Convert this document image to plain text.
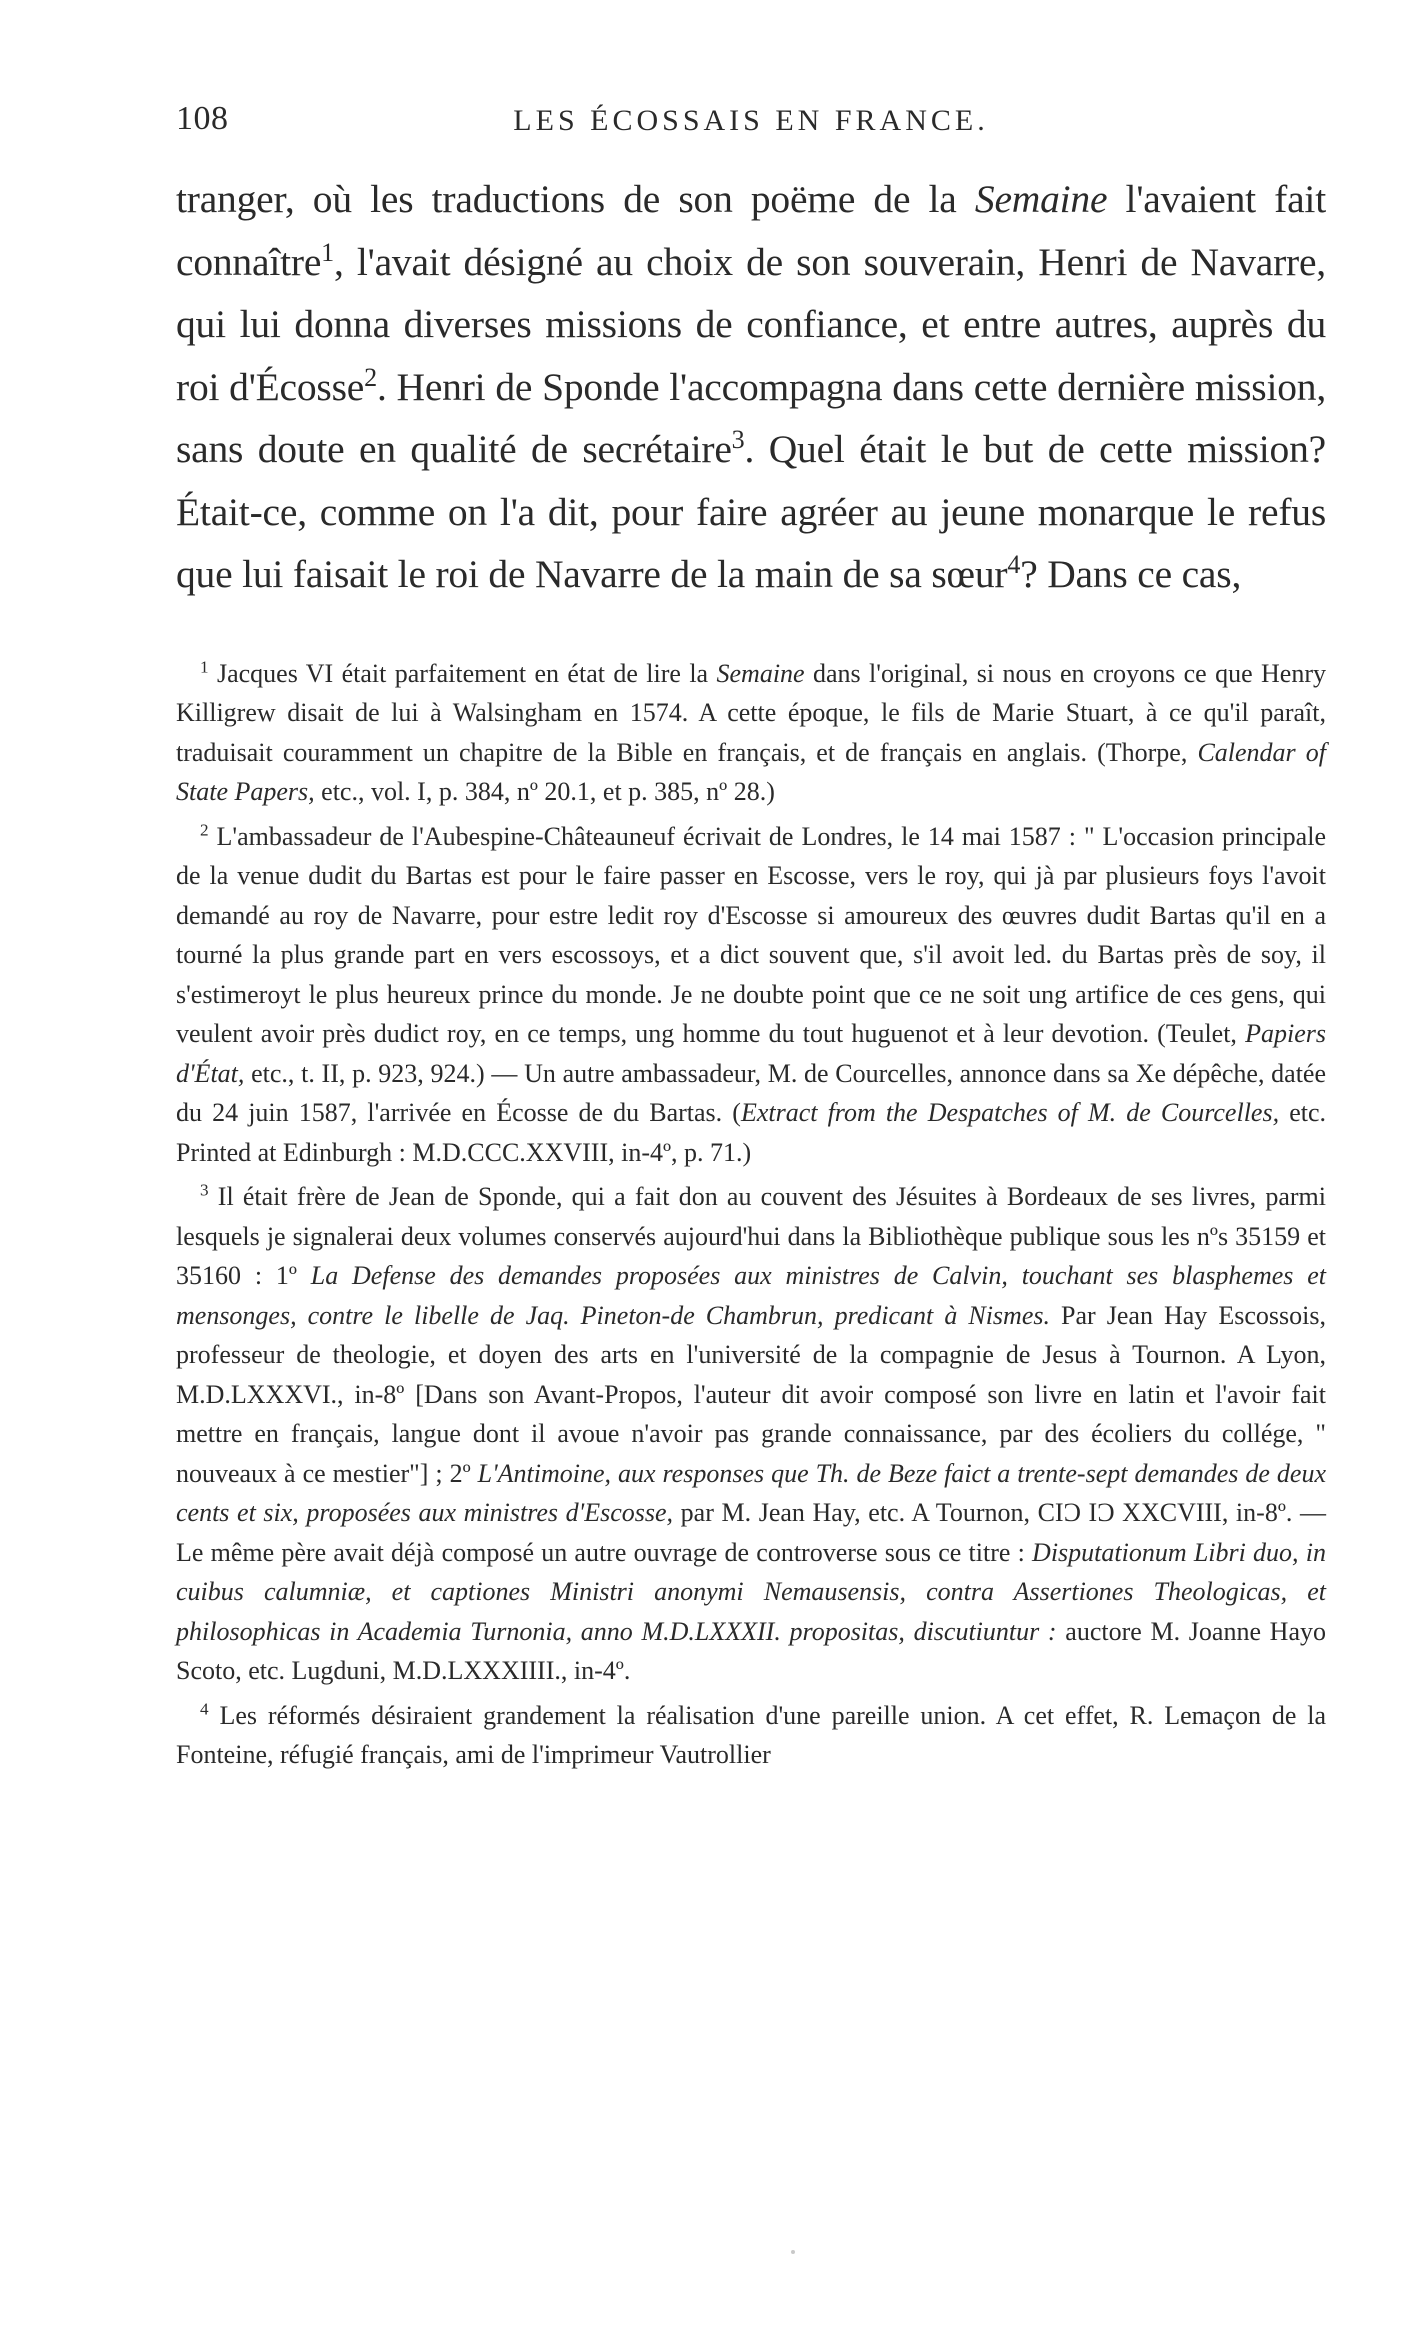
108	LES ÉCOSSAIS EN FRANCE.

tranger, où les traductions de son poëme de la Semaine l'avaient fait connaître$^1$, l'avait désigné au choix de son souverain, Henri de Navarre, qui lui donna diverses missions de confiance, et entre autres, auprès du roi d'Écosse$^2$. Henri de Sponde l'accompagna dans cette dernière mission, sans doute en qualité de secrétaire$^3$. Quel était le but de cette mission? Était-ce, comme on l'a dit, pour faire agréer au jeune monarque le refus que lui faisait le roi de Navarre de la main de sa sœur$^4$? Dans ce cas,

$^1$ Jacques VI était parfaitement en état de lire la Semaine dans l'original, si nous en croyons ce que Henry Killigrew disait de lui à Walsingham en 1574. A cette époque, le fils de Marie Stuart, à ce qu'il paraît, traduisait couramment un chapitre de la Bible en français, et de français en anglais. (Thorpe, Calendar of State Papers, etc., vol. I, p. 384, nº 20.1, et p. 385, nº 28.)

$^2$ L'ambassadeur de l'Aubespine-Châteauneuf écrivait de Londres, le 14 mai 1587 : " L'occasion principale de la venue dudit du Bartas est pour le faire passer en Escosse, vers le roy, qui jà par plusieurs foys l'avoit demandé au roy de Navarre, pour estre ledit roy d'Escosse si amoureux des œuvres dudit Bartas qu'il en a tourné la plus grande part en vers escossoys, et a dict souvent que, s'il avoit led. du Bartas près de soy, il s'estimeroyt le plus heureux prince du monde. Je ne doubte point que ce ne soit ung artifice de ces gens, qui veulent avoir près dudict roy, en ce temps, ung homme du tout huguenot et à leur devotion. (Teulet, Papiers d'État, etc., t. II, p. 923, 924.) — Un autre ambassadeur, M. de Courcelles, annonce dans sa Xe dépêche, datée du 24 juin 1587, l'arrivée en Écosse de du Bartas. (Extract from the Despatches of M. de Courcelles, etc. Printed at Edinburgh : M.D.CCC.XXVIII, in-4º, p. 71.)

$^3$ Il était frère de Jean de Sponde, qui a fait don au couvent des Jésuites à Bordeaux de ses livres, parmi lesquels je signalerai deux volumes conservés aujourd'hui dans la Bibliothèque publique sous les nºs 35159 et 35160 : 1º La Defense des demandes proposées aux ministres de Calvin, touchant ses blasphemes et mensonges, contre le libelle de Jaq. Pineton-de Chambrun, predicant à Nismes. Par Jean Hay Escossois, professeur de theologie, et doyen des arts en l'université de la compagnie de Jesus à Tournon. A Lyon, M.D.LXXXVI., in-8º [Dans son Avant-Propos, l'auteur dit avoir composé son livre en latin et l'avoir fait mettre en français, langue dont il avoue n'avoir pas grande connaissance, par des écoliers du collége, " nouveaux à ce mestier"] ; 2º L'Antimoine, aux responses que Th. de Beze faict a trente-sept demandes de deux cents et six, proposées aux ministres d'Escosse, par M. Jean Hay, etc. A Tournon, CIƆ IƆ XXCVIII, in-8º. — Le même père avait déjà composé un autre ouvrage de controverse sous ce titre : Disputationum Libri duo, in cuibus calumniæ, et captiones Ministri anonymi Nemausensis, contra Assertiones Theologicas, et philosophicas in Academia Turnonia, anno M.D.LXXXII. propositas, discutiuntur : auctore M. Joanne Hayo Scoto, etc. Lugduni, M.D.LXXXIIII., in-4º.

$^4$ Les réformés désiraient grandement la réalisation d'une pareille union. A cet effet, R. Lemaçon de la Fonteine, réfugié français, ami de l'imprimeur Vautrollier
